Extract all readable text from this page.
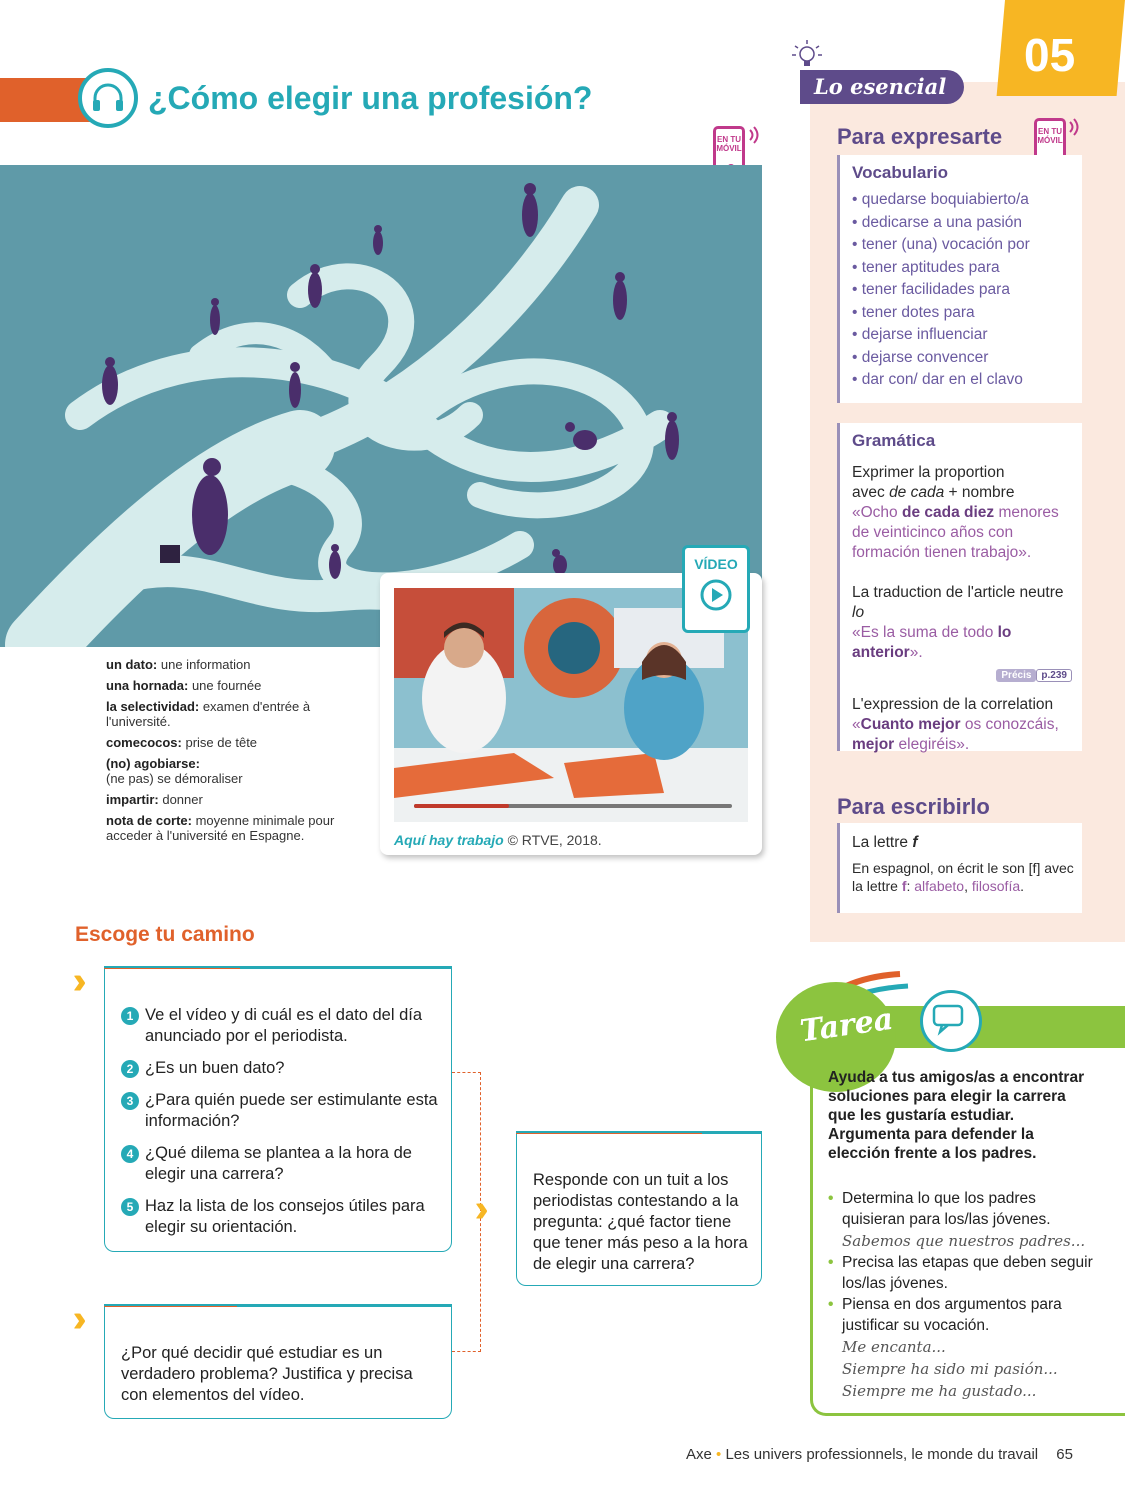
¿Cómo elegir una profesión?
EN TU MÓVIL
un dato: une information
una hornada: une fournée
la selectividad: examen d'entrée à l'université.
comecocos: prise de tête
(no) agobiarse:
(ne pas) se démoraliser
impartir: donner
nota de corte: moyenne minimale pour acceder à l'université en Espagne.
VÍDEO
Aquí hay trabajo © RTVE, 2018.
05
Lo esencial
Para expresarte	EN TU MÓVIL
Vocabulario
• quedarse boquiabierto/a
• dedicarse a una pasión
• tener (una) vocación por
• tener aptitudes para
• tener facilidades para
• tener dotes para
• dejarse influenciar
• dejarse convencer
• dar con/ dar en el clavo
Gramática

Exprimer la proportion
avec de cada + nombre

«Ocho de cada diez menores de veinticinco años con formación tienen trabajo».

La traduction de l'article neutre lo

«Es la suma de todo lo anterior».

Précis p.239

L'expression de la correlation

«Cuanto mejor os conozcáis, mejor elegiréis».

Para escribirlo

La lettre f

En espagnol, on écrit le son [f] avec la lettre f: alfabeto, filosofía.

Escoge tu camino
1 Ve el vídeo y di cuál es el dato del día anunciado por el periodista.
2 ¿Es un buen dato?
3 ¿Para quién puede ser estimulante esta información?
4 ¿Qué dilema se plantea a la hora de elegir una carrera?
5 Haz la lista de los consejos útiles para elegir su orientación.
¿Por qué decidir qué estudiar es un verdadero problema? Justifica y precisa con elementos del vídeo.
Responde con un tuit a los periodistas contestando a la pregunta: ¿qué factor tiene que tener más peso a la hora de elegir una carrera?
Tarea
Ayuda a tus amigos/as a encontrar soluciones para elegir la carrera que les gustaría estudiar. Argumenta para defender la elección frente a los padres.
• Determina lo que los padres quisieran para los/las jóvenes.
Sabemos que nuestros padres...
• Precisa las etapas que deben seguir los/las jóvenes.
• Piensa en dos argumentos para justificar su vocación.
Me encanta...
Siempre ha sido mi pasión...
Siempre me ha gustado...
Axe • Les univers professionnels, le monde du travail 65
